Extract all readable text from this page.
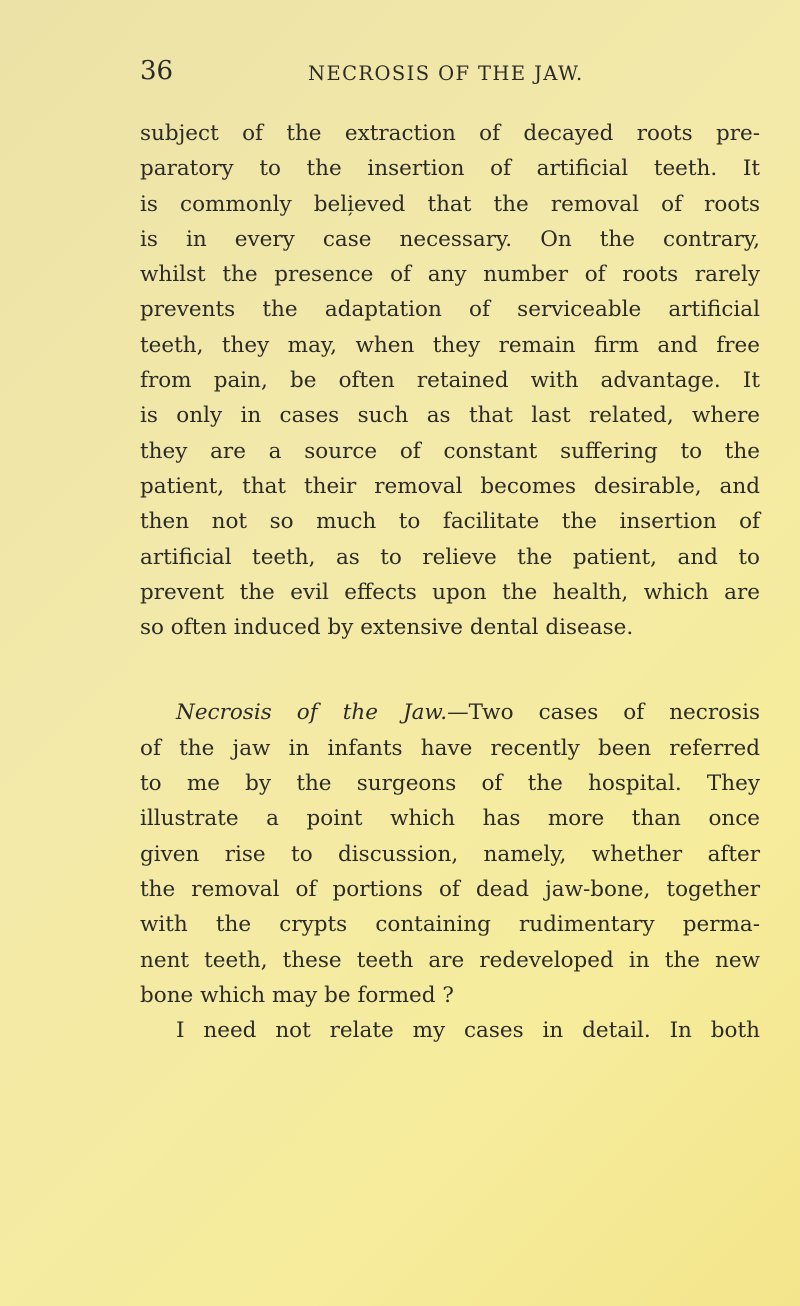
36	NECROSIS OF THE JAW.
subject of the extraction of decayed roots pre-
paratory to the insertion of artificial teeth. It
is commonly beli̦eved that the removal of roots
is in every case necessary. On the contrary,
whilst the presence of any number of roots rarely
prevents the adaptation of serviceable artificial
teeth, they may, when they remain firm and free
from pain, be often retained with advantage. It
is only in cases such as that last related, where
they are a source of constant suffering to the
patient, that their removal becomes desirable, and
then not so much to facilitate the insertion of
artificial teeth, as to relieve the patient, and to
prevent the evil effects upon the health, which are
so often induced by extensive dental disease.
Necrosis of the Jaw.—Two cases of necrosis
of the jaw in infants have recently been referred
to me by the surgeons of the hospital. They
illustrate a point which has more than once
given rise to discussion, namely, whether after
the removal of portions of dead jaw-bone, together
with the crypts containing rudimentary perma-
nent teeth, these teeth are redeveloped in the new
bone which may be formed ?
I need not relate my cases in detail. In both
